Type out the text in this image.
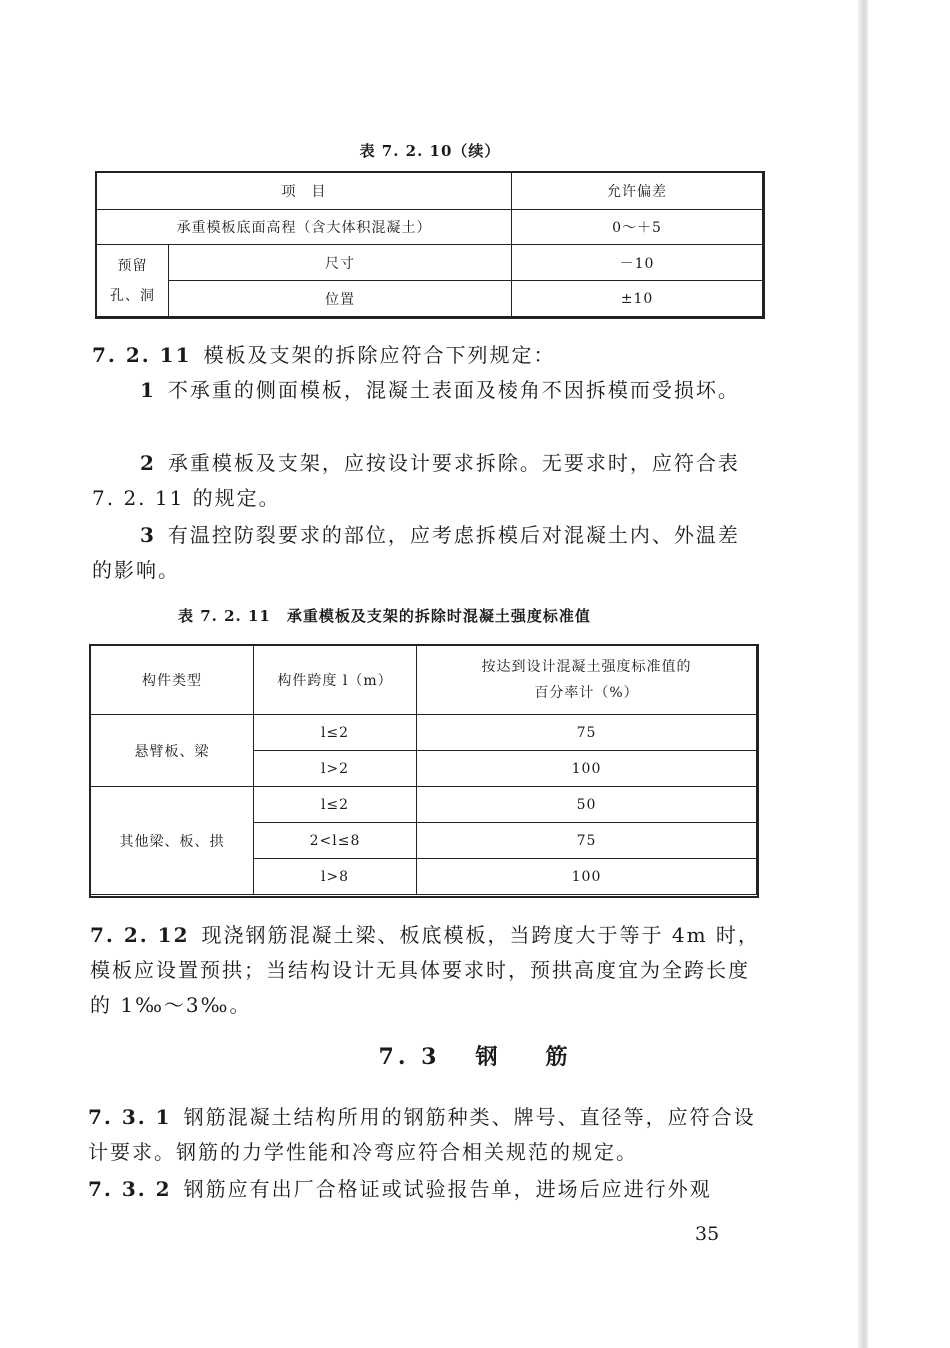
表 7. 2. 10（续）
项　目		允许偏差
承重模板底面高程（含大体积混凝土）		0～＋5
预留 孔、洞	尺寸	－10
	位置	±10
7. 2. 11 模板及支架的拆除应符合下列规定：
1 不承重的侧面模板，混凝土表面及棱角不因拆模而受损坏。
2 承重模板及支架，应按设计要求拆除。无要求时，应符合表 7. 2. 11 的规定。
3 有温控防裂要求的部位，应考虑拆模后对混凝土内、外温差的影响。
表 7. 2. 11　承重模板及支架的拆除时混凝土强度标准值
构件类型	构件跨度 l（m）	按达到设计混凝土强度标准值的
百分率计（%）

悬臂板、梁	l≤2	75
	l>2	100
其他梁、板、拱	l≤2	50
	2<l≤8	75
	l>8	100
7. 2. 12 现浇钢筋混凝土梁、板底模板，当跨度大于等于 4m 时，模板应设置预拱；当结构设计无具体要求时，预拱高度宜为全跨长度的 1‰～3‰。
7. 3 钢 筋
7. 3. 1 钢筋混凝土结构所用的钢筋种类、牌号、直径等，应符合设计要求。钢筋的力学性能和冷弯应符合相关规范的规定。
7. 3. 2 钢筋应有出厂合格证或试验报告单，进场后应进行外观
35
